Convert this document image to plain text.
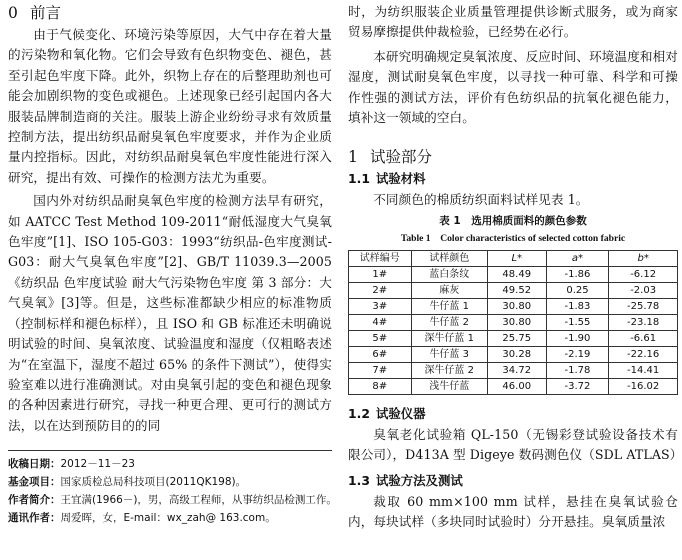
0 前言

由于气候变化、环境污染等原因，大气中存在着大量的污染物和氧化物。它们会导致有色织物变色、褪色，甚至引起色牢度下降。此外，织物上存在的后整理助剂也可能会加剧织物的变色或褪色。上述现象已经引起国内各大服装品牌制造商的关注。服装上游企业纷纷寻求有效质量控制方法，提出纺织品耐臭氧色牢度要求，并作为企业质量内控指标。因此，对纺织品耐臭氧色牢度性能进行深入研究，提出有效、可操作的检测方法尤为重要。

国内外对纺织品耐臭氧色牢度的检测方法早有研究，如 AATCC Test Method 109-2011“耐低湿度大气臭氧色牢度”[1]、ISO 105-G03：1993“纺织品-色牢度测试-G03：耐大气臭氧色牢度”[2]、GB/T 11039.3—2005《纺织品 色牢度试验 耐大气污染物色牢度 第 3 部分：大气臭氧》[3]等。但是，这些标准都缺少相应的标准物质（控制标样和褪色标样），且 ISO 和 GB 标准还未明确说明试验的时间、臭氧浓度、试验温度和湿度（仅粗略表述为“在室温下，湿度不超过 65% 的条件下测试”），使得实验室难以进行准确测试。对由臭氧引起的变色和褪色现象的各种因素进行研究，寻找一种更合理、更可行的测试方法，以在达到预防目的的同

收稿日期：2012－11－23

基金项目：国家质检总局科技项目(2011QK198)。

作者简介：王宜满(1966－)，男，高级工程师，从事纺织品检测工作。

通讯作者：周爱晖，女，E-mail：wx_zah@ 163.com。

时，为纺织服装企业质量管理提供诊断式服务，或为商家贸易摩擦提供仲裁检验，已经势在必行。

本研究明确规定臭氧浓度、反应时间、环境温度和相对湿度，测试耐臭氧色牢度，以寻找一种可靠、科学和可操作性强的测试方法，评价有色纺织品的抗氧化褪色能力，填补这一领域的空白。

1 试验部分

1.1 试验材料

不同颜色的棉质纺织面料试样见表 1。

表 1　选用棉质面料的颜色参数

Table 1　Color characteristics of selected cotton fabric

试样编号	试样颜色	L*	a*	b*
1#	蓝白条纹	48.49	-1.86	-6.12
2#	麻灰	49.52	0.25	-2.03
3#	牛仔蓝 1	30.80	-1.83	-25.78
4#	牛仔蓝 2	30.80	-1.55	-23.18
5#	深牛仔蓝 1	25.75	-1.90	-6.61
6#	牛仔蓝 3	30.28	-2.19	-22.16
7#	深牛仔蓝 2	34.72	-1.78	-14.41
8#	浅牛仔蓝	46.00	-3.72	-16.02

1.2 试验仪器

臭氧老化试验箱 QL-150（无锡彩登试验设备技术有限公司），D413A 型 Digeye 数码测色仪（SDL ATLAS）

1.3 试验方法及测试

裁取 60 mm×100 mm 试样，悬挂在臭氧试验仓内，每块试样（多块同时试验时）分开悬挂。臭氧质量浓
